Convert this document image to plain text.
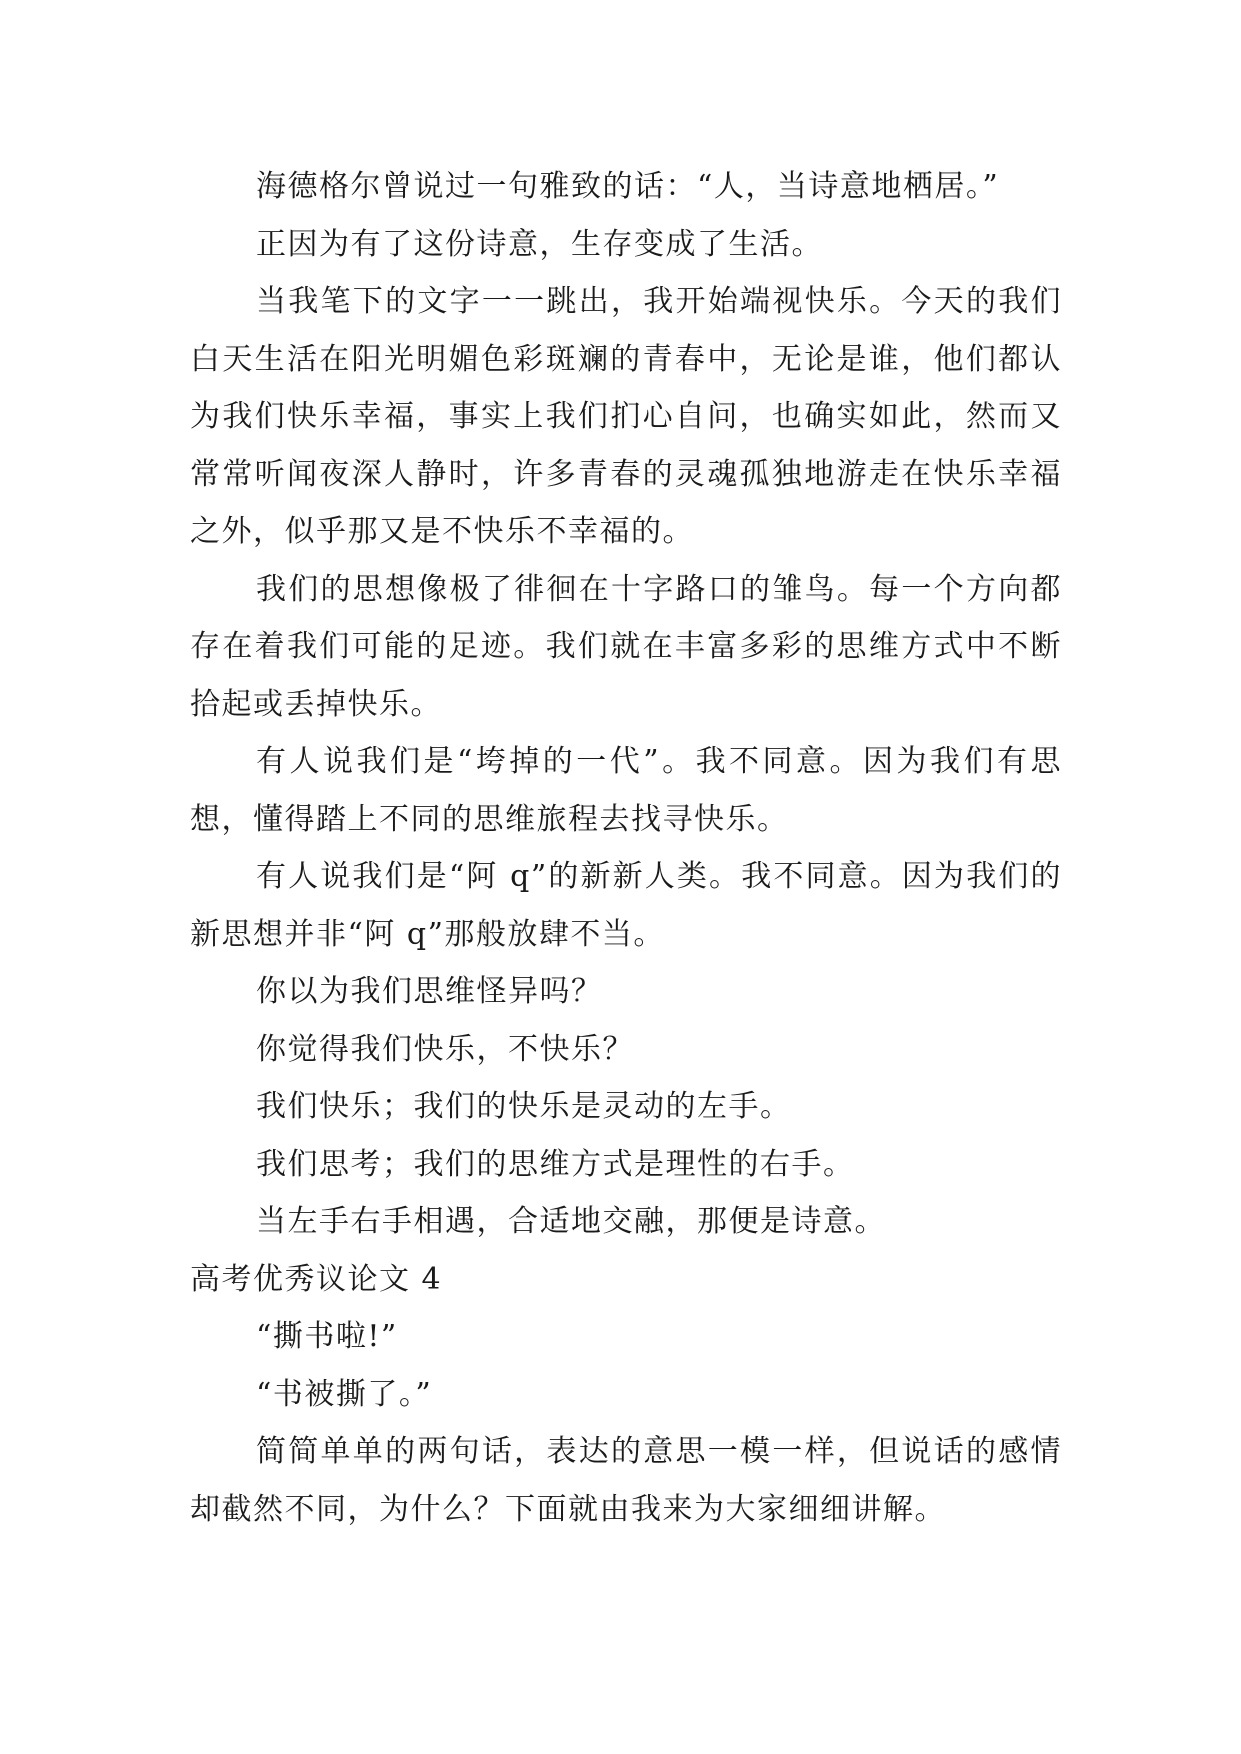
海德格尔曾说过一句雅致的话：“人，当诗意地栖居。”

正因为有了这份诗意，生存变成了生活。

当我笔下的文字一一跳出，我开始端视快乐。今天的我们白天生活在阳光明媚色彩斑斓的青春中，无论是谁，他们都认为我们快乐幸福，事实上我们扪心自问，也确实如此，然而又常常听闻夜深人静时，许多青春的灵魂孤独地游走在快乐幸福之外，似乎那又是不快乐不幸福的。

我们的思想像极了徘徊在十字路口的雏鸟。每一个方向都存在着我们可能的足迹。我们就在丰富多彩的思维方式中不断拾起或丢掉快乐。

有人说我们是“垮掉的一代”。我不同意。因为我们有思想，懂得踏上不同的思维旅程去找寻快乐。

有人说我们是“阿 q”的新新人类。我不同意。因为我们的新思想并非“阿 q”那般放肆不当。

你以为我们思维怪异吗？

你觉得我们快乐，不快乐？

我们快乐；我们的快乐是灵动的左手。

我们思考；我们的思维方式是理性的右手。

当左手右手相遇，合适地交融，那便是诗意。

高考优秀议论文 4

“撕书啦!”

“书被撕了。”

简简单单的两句话，表达的意思一模一样，但说话的感情却截然不同，为什么？下面就由我来为大家细细讲解。
